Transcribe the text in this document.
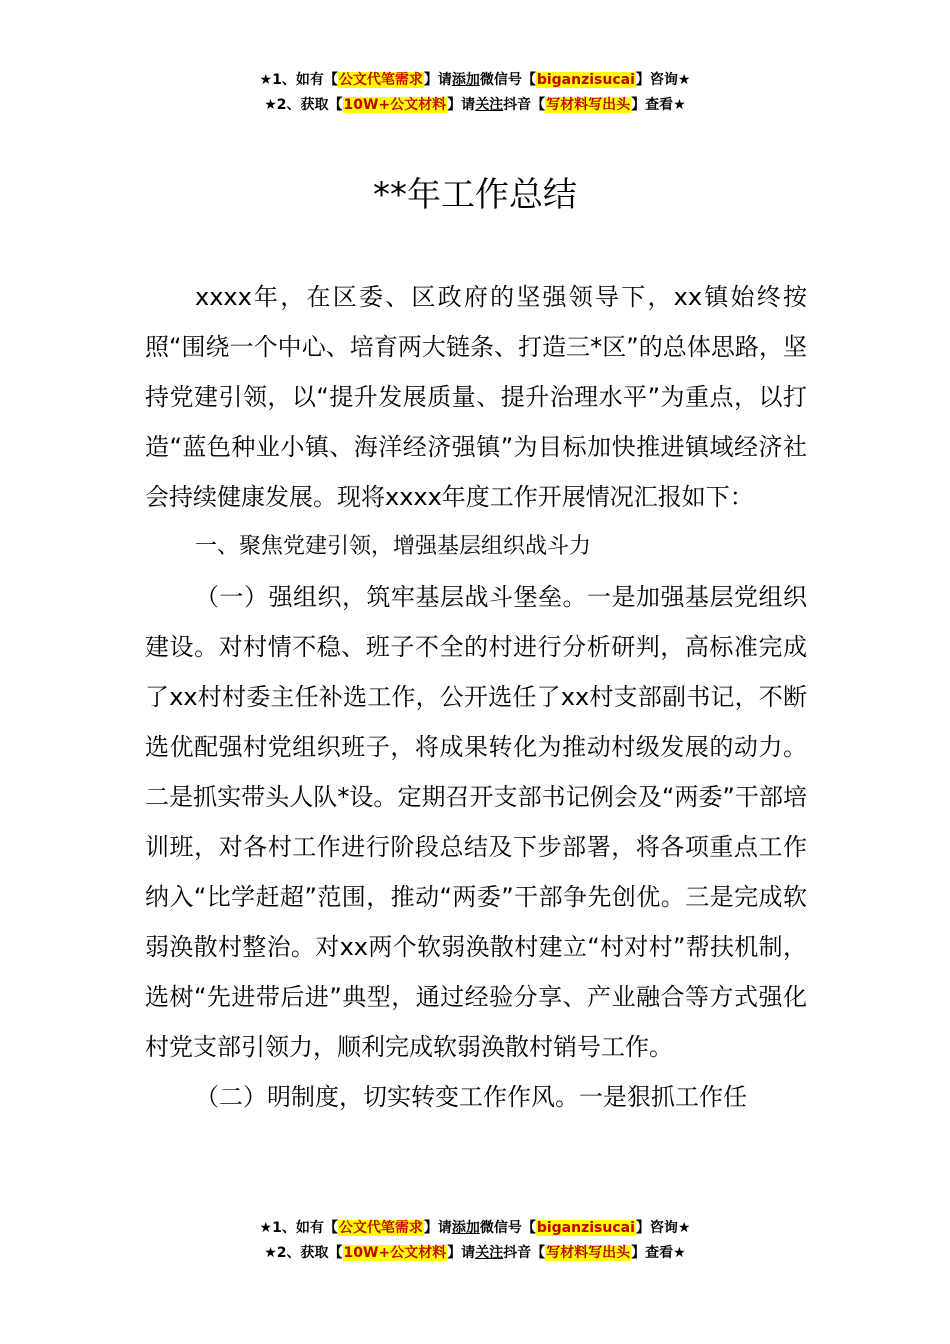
★1、如有【公文代笔需求】请添加微信号【biganzisucai】咨询★
★2、获取【10W+公文材料】请关注抖音【写材料写出头】查看★
**年工作总结

xxxx年，在区委、区政府的坚强领导下，xx镇始终按照“围绕一个中心、培育两大链条、打造三*区”的总体思路，坚持党建引领，以“提升发展质量、提升治理水平”为重点，以打造“蓝色种业小镇、海洋经济强镇”为目标加快推进镇域经济社会持续健康发展。现将xxxx年度工作开展情况汇报如下：

一、聚焦党建引领，增强基层组织战斗力

（一）强组织，筑牢基层战斗堡垒。一是加强基层党组织建设。对村情不稳、班子不全的村进行分析研判，高标准完成了xx村村委主任补选工作，公开选任了xx村支部副书记，不断选优配强村党组织班子，将成果转化为推动村级发展的动力。二是抓实带头人队*设。定期召开支部书记例会及“两委”干部培训班，对各村工作进行阶段总结及下步部署，将各项重点工作纳入“比学赶超”范围，推动“两委”干部争先创优。三是完成软弱涣散村整治。对xx两个软弱涣散村建立“村对村”帮扶机制，选树“先进带后进”典型，通过经验分享、产业融合等方式强化村党支部引领力，顺利完成软弱涣散村销号工作。

（二）明制度，切实转变工作作风。一是狠抓工作任

★1、如有【公文代笔需求】请添加微信号【biganzisucai】咨询★
★2、获取【10W+公文材料】请关注抖音【写材料写出头】查看★
